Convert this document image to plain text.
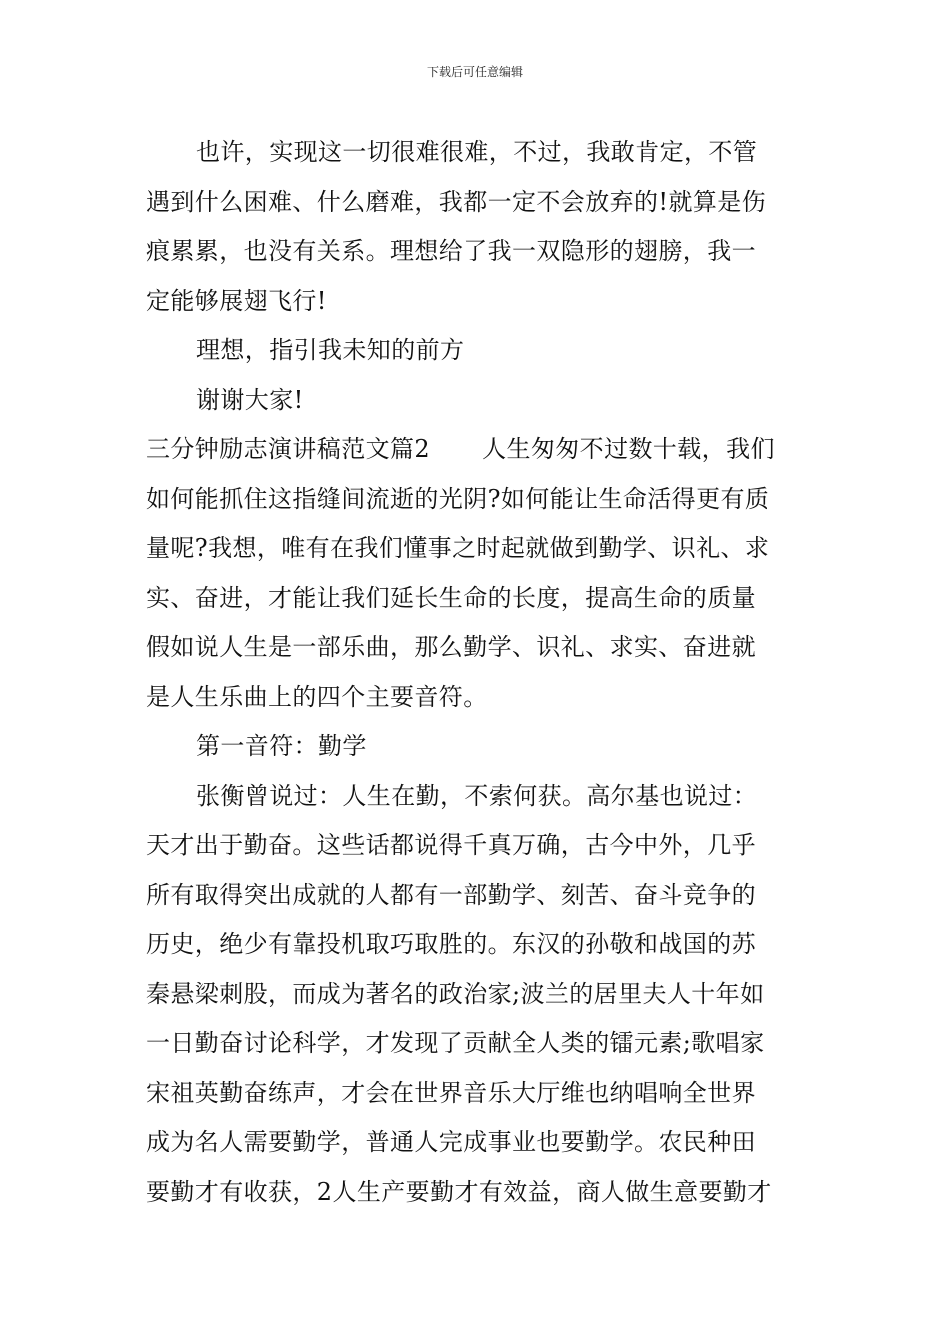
下载后可任意编辑
也许，实现这一切很难很难，不过，我敢肯定，不管
遇到什么困难、什么磨难，我都一定不会放弃的!就算是伤
痕累累，也没有关系。理想给了我一双隐形的翅膀，我一
定能够展翅飞行!
理想，指引我未知的前方
谢谢大家!
三分钟励志演讲稿范文篇2 人生匆匆不过数十载，我们
如何能抓住这指缝间流逝的光阴?如何能让生命活得更有质
量呢?我想，唯有在我们懂事之时起就做到勤学、识礼、求
实、奋进，才能让我们延长生命的长度，提高生命的质量
假如说人生是一部乐曲，那么勤学、识礼、求实、奋进就
是人生乐曲上的四个主要音符。
第一音符：勤学
张衡曾说过：人生在勤，不索何获。高尔基也说过：
天才出于勤奋。这些话都说得千真万确，古今中外，几乎
所有取得突出成就的人都有一部勤学、刻苦、奋斗竞争的
历史，绝少有靠投机取巧取胜的。东汉的孙敬和战国的苏
秦悬梁刺股，而成为著名的政治家;波兰的居里夫人十年如
一日勤奋讨论科学，才发现了贡献全人类的镭元素;歌唱家
宋祖英勤奋练声，才会在世界音乐大厅维也纳唱响全世界
成为名人需要勤学，普通人完成事业也要勤学。农民种田
要勤才有收获，2人生产要勤才有效益，商人做生意要勤才
